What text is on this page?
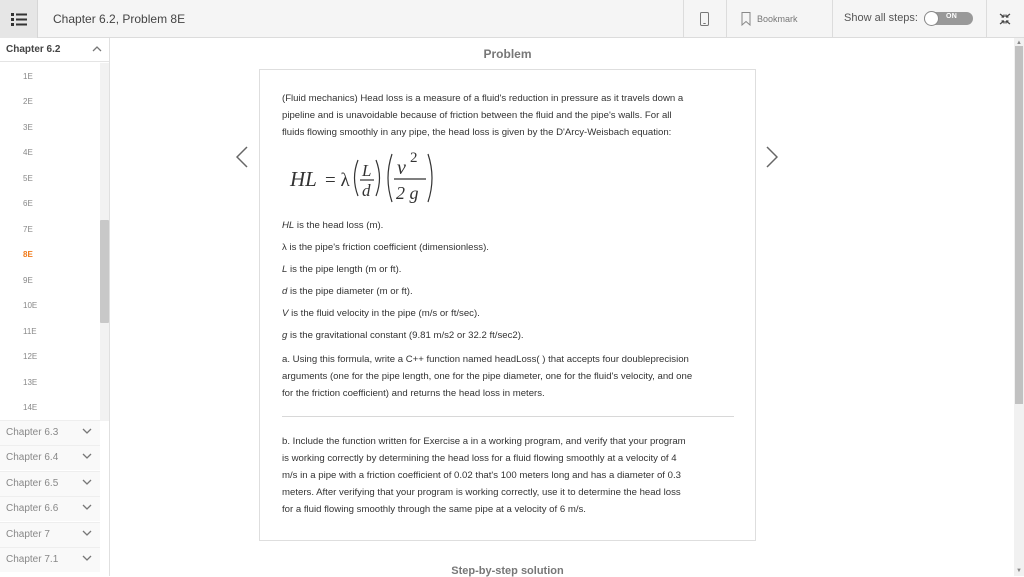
Chapter 6.2, Problem 8E	Bookmark	Show all steps:	ON
Chapter 6.2
1E
2E
3E
4E
5E
6E
7E
8E
9E
10E
11E
12E
13E
14E
Chapter 6.3
Chapter 6.4
Chapter 6.5
Chapter 6.6
Chapter 7
Chapter 7.1
Problem
(Fluid mechanics) Head loss is a measure of a fluid's reduction in pressure as it travels down a
pipeline and is unavoidable because of friction between the fluid and the pipe's walls. For all
fluids flowing smoothly in any pipe, the head loss is given by the D'Arcy-Weisbach equation:
HL = λ L
d
v 2
2 g
HL is the head loss (m).
λ is the pipe's friction coefficient (dimensionless).
L is the pipe length (m or ft).
d is the pipe diameter (m or ft).
V is the fluid velocity in the pipe (m/s or ft/sec).
g is the gravitational constant (9.81 m/s2 or 32.2 ft/sec2).
a. Using this formula, write a C++ function named headLoss( ) that accepts four doubleprecision
arguments (one for the pipe length, one for the pipe diameter, one for the fluid's velocity, and one
for the friction coefficient) and returns the head loss in meters.
b. Include the function written for Exercise a in a working program, and verify that your program
is working correctly by determining the head loss for a fluid flowing smoothly at a velocity of 4
m/s in a pipe with a friction coefficient of 0.02 that's 100 meters long and has a diameter of 0.3
meters. After verifying that your program is working correctly, use it to determine the head loss
for a fluid flowing smoothly through the same pipe at a velocity of 6 m/s.
Step-by-step solution
▲
▼
